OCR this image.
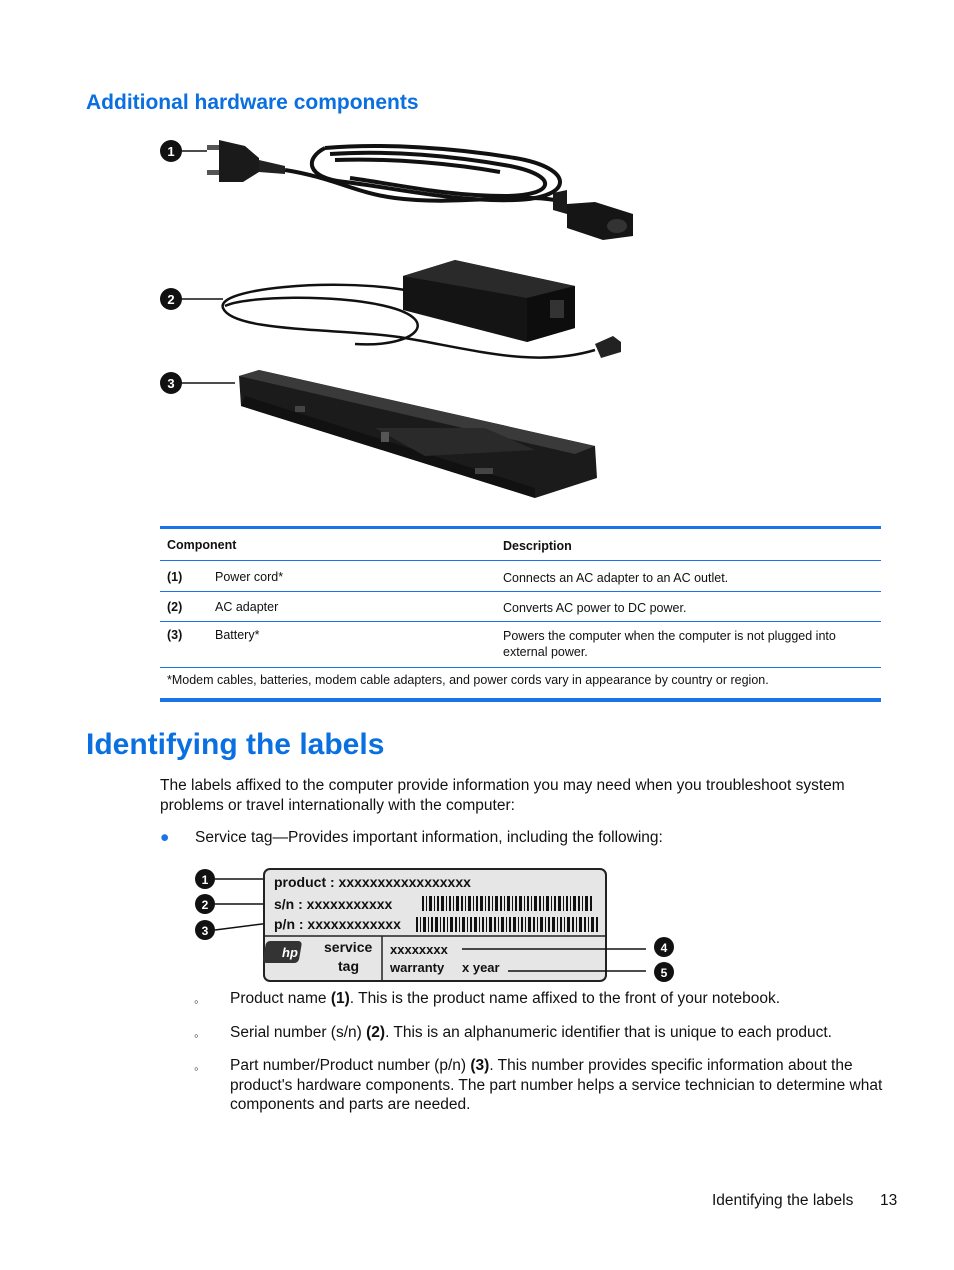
Additional hardware components
1
2
3
Component	Description
(1)	Power cord*	Connects an AC adapter to an AC outlet.
(2)	AC adapter	Converts AC power to DC power.
(3)	Battery*	Powers the computer when the computer is not plugged into external power.
*Modem cables, batteries, modem cable adapters, and power cords vary in appearance by country or region.
Identifying the labels
The labels affixed to the computer provide information you may need when you troubleshoot system problems or travel internationally with the computer:
● Service tag—Provides important information, including the following:
1
2
3
product : xxxxxxxxxxxxxxxxx
s/n : xxxxxxxxxxx
p/n : xxxxxxxxxxxx
hp service
tag
xxxxxxxx
warranty x year
4
5
◦ Product name (1). This is the product name affixed to the front of your notebook.
◦ Serial number (s/n) (2). This is an alphanumeric identifier that is unique to each product.
◦ Part number/Product number (p/n) (3). This number provides specific information about the product's hardware components. The part number helps a service technician to determine what components and parts are needed.
Identifying the labels 13
